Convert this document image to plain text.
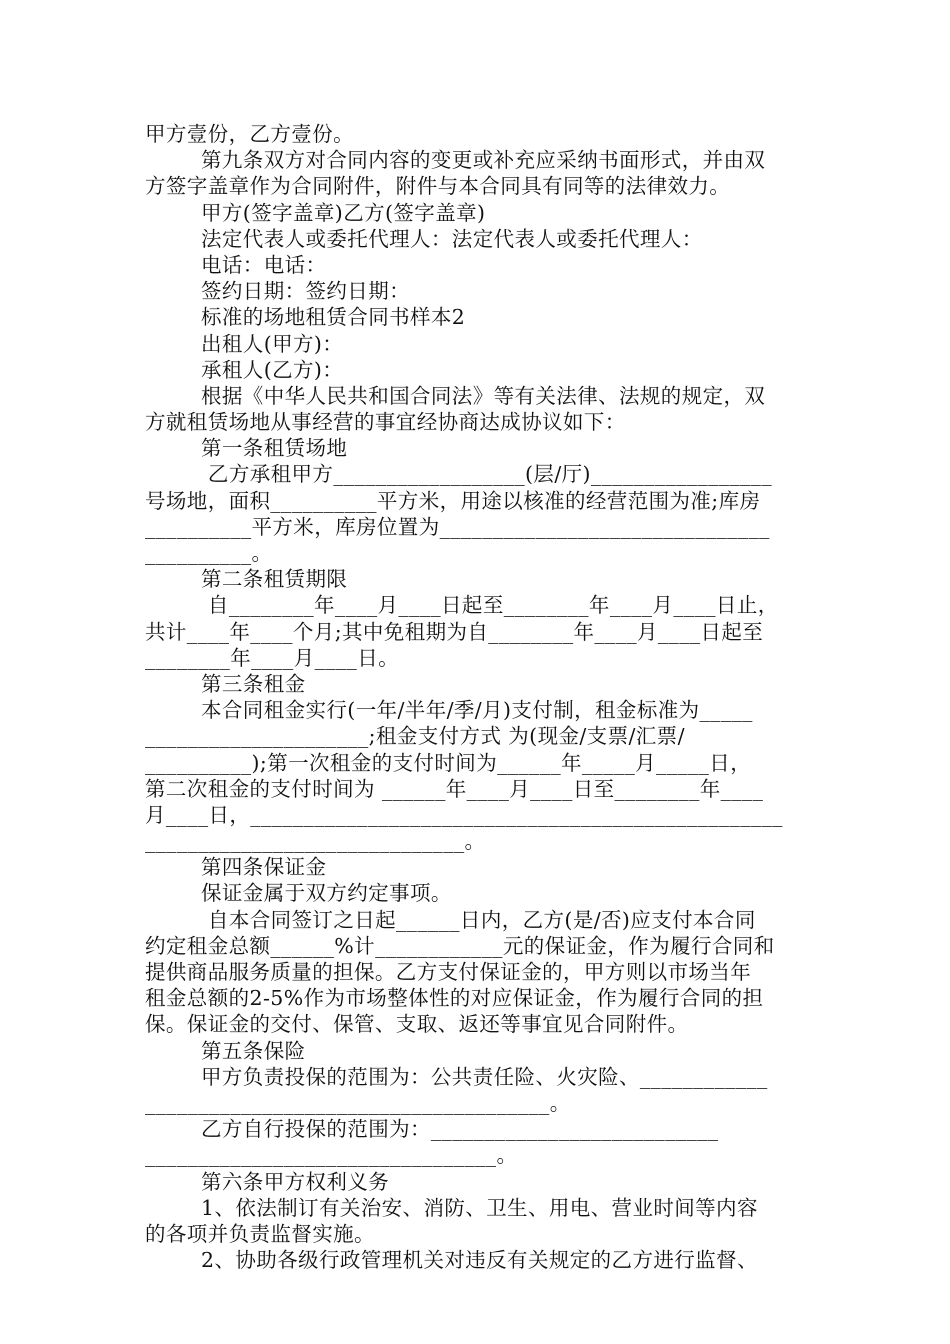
甲方壹份，乙方壹份。
第九条双方对合同内容的变更或补充应采纳书面形式，并由双
方签字盖章作为合同附件，附件与本合同具有同等的法律效力。
甲方(签字盖章)乙方(签字盖章)
法定代表人或委托代理人：法定代表人或委托代理人：
电话：电话：
签约日期：签约日期：
标准的场地租赁合同书样本2
出租人(甲方)：
承租人(乙方)：
根据《中华人民共和国合同法》等有关法律、法规的规定，双
方就租赁场地从事经营的事宜经协商达成协议如下：
第一条租赁场地
乙方承租甲方__________________(层/厅)_________________
号场地，面积__________平方米，用途以核准的经营范围为准;库房
__________平方米，库房位置为_______________________________
__________。
第二条租赁期限
自________年____月____日起至________年____月____日止，
共计____年____个月;其中免租期为自________年____月____日起至
________年____月____日。
第三条租金
本合同租金实行(一年/半年/季/月)支付制，租金标准为_____
_____________________;租金支付方式 为(现金/支票/汇票/
__________);第一次租金的支付时间为______年_____月_____日，
第二次租金的支付时间为 ______年____月____日至________年____
月____日，__________________________________________________
______________________________。
第四条保证金
保证金属于双方约定事项。
自本合同签订之日起______日内，乙方(是/否)应支付本合同
约定租金总额______%计____________元的保证金，作为履行合同和
提供商品服务质量的担保。乙方支付保证金的，甲方则以市场当年
租金总额的2-5%作为市场整体性的对应保证金，作为履行合同的担
保。保证金的交付、保管、支取、返还等事宜见合同附件。
第五条保险
甲方负责投保的范围为：公共责任险、火灾险、____________
______________________________________。
乙方自行投保的范围为：___________________________
_________________________________。
第六条甲方权利义务
1、依法制订有关治安、消防、卫生、用电、营业时间等内容
的各项并负责监督实施。
2、协助各级行政管理机关对违反有关规定的乙方进行监督、
